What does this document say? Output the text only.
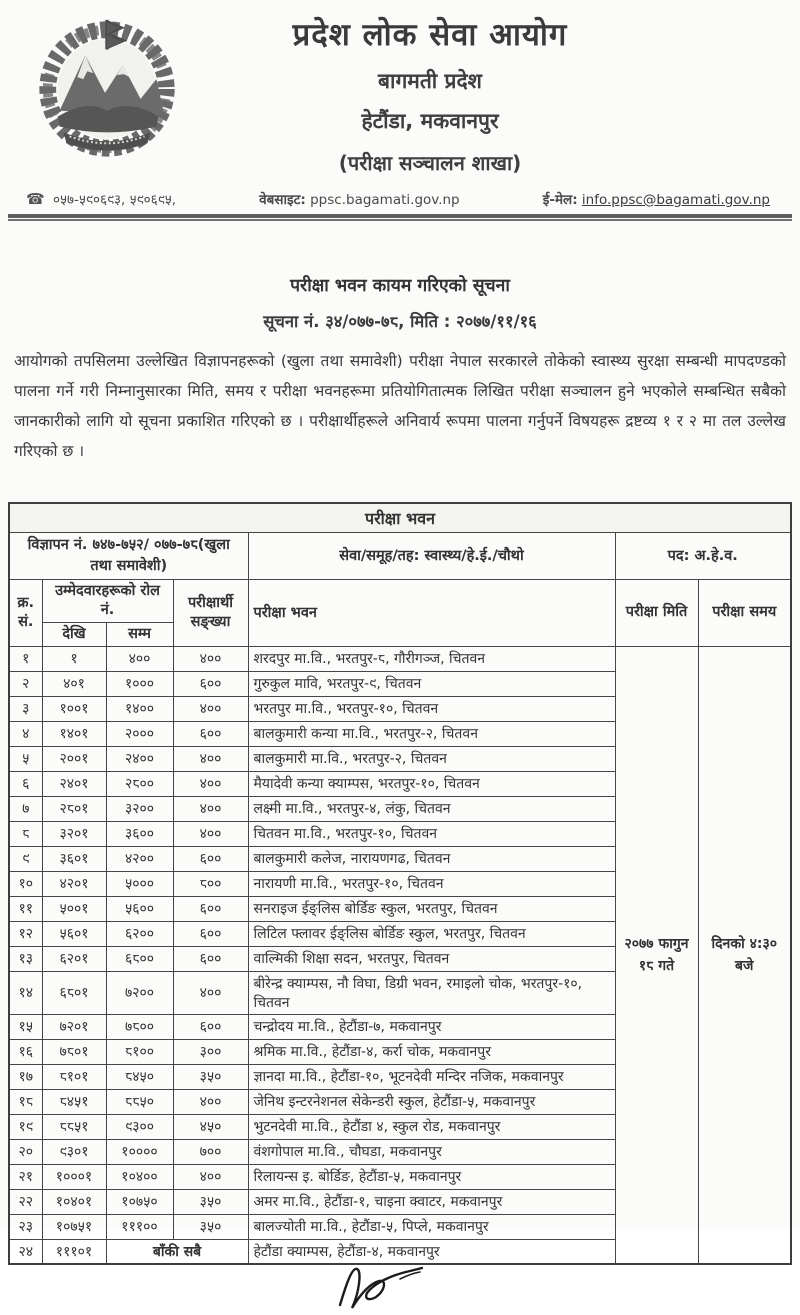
प्रदेश लोक सेवा आयोग
बागमती प्रदेश
हेटौंडा, मकवानपुर
(परीक्षा सञ्चालन शाखा)
☎ ०५७-५९०६९३, ५९०६९५,	वेबसाइट: ppsc.bagamati.gov.np	ई-मेल: info.ppsc@bagamati.gov.np
परीक्षा भवन कायम गरिएको सूचना
सूचना नं. ३४/०७७-७८, मिति : २०७७/११/१६

आयोगको तपसिलमा उल्लेखित विज्ञापनहरूको (खुला तथा समावेशी) परीक्षा नेपाल सरकारले तोकेको स्वास्थ्य सुरक्षा सम्बन्धी मापदण्डको पालना गर्ने गरी निम्नानुसारका मिति, समय र परीक्षा भवनहरूमा प्रतियोगितात्मक लिखित परीक्षा सञ्चालन हुने भएकोले सम्बन्धित सबैको जानकारीको लागि यो सूचना प्रकाशित गरिएको छ । परीक्षार्थीहरूले अनिवार्य रूपमा पालना गर्नुपर्ने विषयहरू द्रष्टव्य १ र २ मा तल उल्लेख गरिएको छ ।

परीक्षा भवन						
विज्ञापन नं. ७४७-७५२/ ०७७-७८(खुला तथा समावेशी)				सेवा/समूह/तह: स्वास्थ्य/हे.ई./चौथो	पद: अ.हे.व.	
क्र. सं.	उम्मेदवारहरूको रोल नं.		परीक्षार्थी सङ्ख्या	परीक्षा भवन	परीक्षा मिति	परीक्षा समय
	देखि	सम्म				
१	१	४००	४००	शरदपुर मा.वि., भरतपुर-८, गौरीगञ्ज, चितवन	२०७७ फागुन १८ गते	दिनको ४:३० बजे
२	४०१	१०००	६००	गुरुकुल मावि, भरतपुर-९, चितवन		
३	१००१	१४००	४००	भरतपुर मा.वि., भरतपुर-१०, चितवन		
४	१४०१	२०००	६००	बालकुमारी कन्या मा.वि., भरतपुर-२, चितवन		
५	२००१	२४००	४००	बालकुमारी मा.वि., भरतपुर-२, चितवन		
६	२४०१	२८००	४००	मैयादेवी कन्या क्याम्पस, भरतपुर-१०, चितवन		
७	२८०१	३२००	४००	लक्ष्मी मा.वि., भरतपुर-४, लंकु, चितवन		
८	३२०१	३६००	४००	चितवन मा.वि., भरतपुर-१०, चितवन		
९	३६०१	४२००	६००	बालकुमारी कलेज, नारायणगढ, चितवन		
१०	४२०१	५०००	८००	नारायणी मा.वि., भरतपुर-१०, चितवन		
११	५००१	५६००	६००	सनराइज ईङ्लिस बोर्डिङ स्कुल, भरतपुर, चितवन		
१२	५६०१	६२००	६००	लिटिल फ्लावर ईङ्लिस बोर्डिङ स्कुल, भरतपुर, चितवन		
१३	६२०१	६८००	६००	वाल्मिकी शिक्षा सदन, भरतपुर, चितवन		
१४	६८०१	७२००	४००	बीरेन्द्र क्याम्पस, नौ विघा, डिग्री भवन, रमाइलो चोक, भरतपुर-१०, चितवन		
१५	७२०१	७८००	६००	चन्द्रोदय मा.वि., हेटौंडा-७, मकवानपुर		
१६	७८०१	८१००	३००	श्रमिक मा.वि., हेटौंडा-४, कर्रा चोक, मकवानपुर		
१७	८१०१	८४५०	३५०	ज्ञानदा मा.वि., हेटौंडा-१०, भूटनदेवी मन्दिर नजिक, मकवानपुर		
१८	८४५१	८८५०	४००	जेनिथ इन्टरनेशनल सेकेन्डरी स्कुल, हेटौंडा-५, मकवानपुर		
१९	८८५१	९३००	४५०	भुटनदेवी मा.वि., हेटौंडा ४, स्कुल रोड, मकवानपुर		
२०	९३०१	१००००	७००	वंशगोपाल मा.वि., चौघडा, मकवानपुर		
२१	१०००१	१०४००	४००	रिलायन्स इ. बोर्डिङ, हेटौंडा-५, मकवानपुर		
२२	१०४०१	१०७५०	३५०	अमर मा.वि., हेटौंडा-१, चाइना क्वाटर, मकवानपुर		
२३	१०७५१	१११००	३५०	बालज्योती मा.वि., हेटौंडा-५, पिप्ले, मकवानपुर		
२४	१११०१	बाँकी सबै		हेटौंडा क्याम्पस, हेटौंडा-४, मकवानपुर		
